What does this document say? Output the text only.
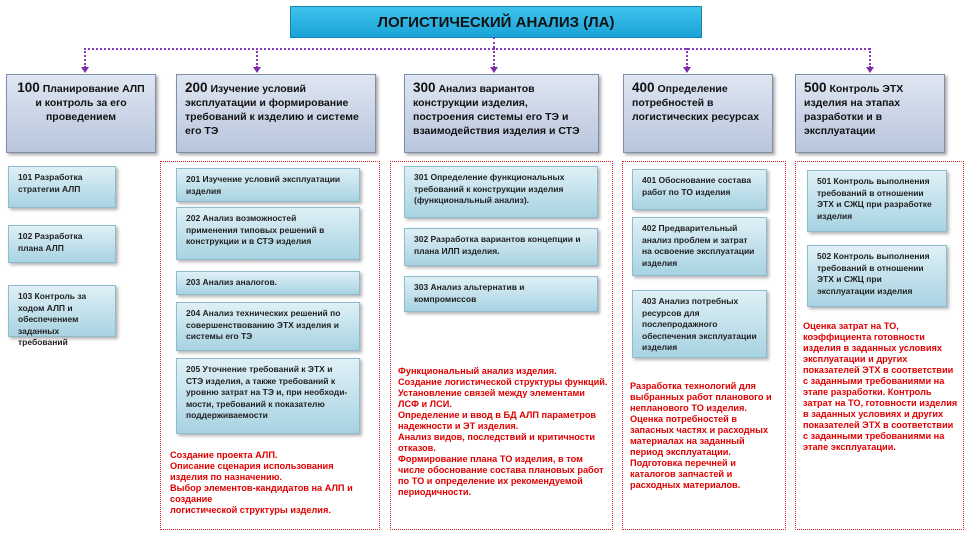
ЛОГИСТИЧЕСКИЙ АНАЛИЗ (ЛА)
100 Планирование АЛП и контроль за его проведением
200 Изучение условий эксплуатации и формирование требований к изделию и системе его ТЭ
300 Анализ вариантов конструкции изделия, построения системы его ТЭ и взаимодействия изделия и СТЭ
400 Определение потребностей в логистических ресурсах
500 Контроль ЭТХ изделия на этапах разработки и в эксплуатации
101 Разработка стратегии АЛП
102 Разработка плана АЛП
103 Контроль за ходом АЛП и обеспечением заданных требований
201 Изучение условий эксплуатации изделия
202 Анализ возможностей применения типовых решений в конструкции и в СТЭ изделия
203 Анализ аналогов.
204 Анализ технических решений по совершенствованию ЭТХ изделия и системы его ТЭ
205 Уточнение требований к ЭТХ и СТЭ изделия, а также требований к уровню затрат на ТЭ и, при необходи-мости, требований к показателю поддерживаемости
Создание проекта АЛП.
Описание сценария использования изделия по назначению.
Выбор элементов-кандидатов на АЛП и создание
логистической структуры изделия.
301 Определение функциональных требований к конструкции изделия (функциональный анализ).
302 Разработка вариантов концепции и плана ИЛП изделия.
303 Анализ альтернатив и компромиссов
Функциональный анализ изделия.
Создание логистической структуры функций.
Установление связей между элементами ЛСФ и ЛСИ.
Определение и ввод в БД АЛП параметров надежности и ЭТ изделия.
Анализ видов, последствий и критичности отказов.
Формирование плана ТО изделия, в том числе обоснование состава плановых работ по ТО и определение их рекомендуемой периодичности.
401 Обоснование состава работ по ТО изделия
402 Предварительный анализ проблем и затрат на освоение эксплуатации изделия
403 Анализ потребных ресурсов для послепродажного обеспечения эксплуатации изделия
Разработка технологий для выбранных работ планового и непланового ТО изделия.
Оценка потребностей в запасных частях и расходных материалах на заданный период эксплуатации. Подготовка перечней и каталогов запчастей и расходных материалов.
501 Контроль выполнения требований в отношении ЭТХ и СЖЦ при разработке изделия
502 Контроль выполнения требований в отношении ЭТХ и СЖЦ при эксплуатации изделия
Оценка затрат на ТО, коэффициента готовности изделия в заданных условиях эксплуатации и других показателей ЭТХ в соответствии с заданными требованиями на этапе разработки. Контроль затрат на ТО, готовности изделия в заданных условиях и других показателей ЭТХ в соответствии с заданными требованиями на этапе эксплуатации.
